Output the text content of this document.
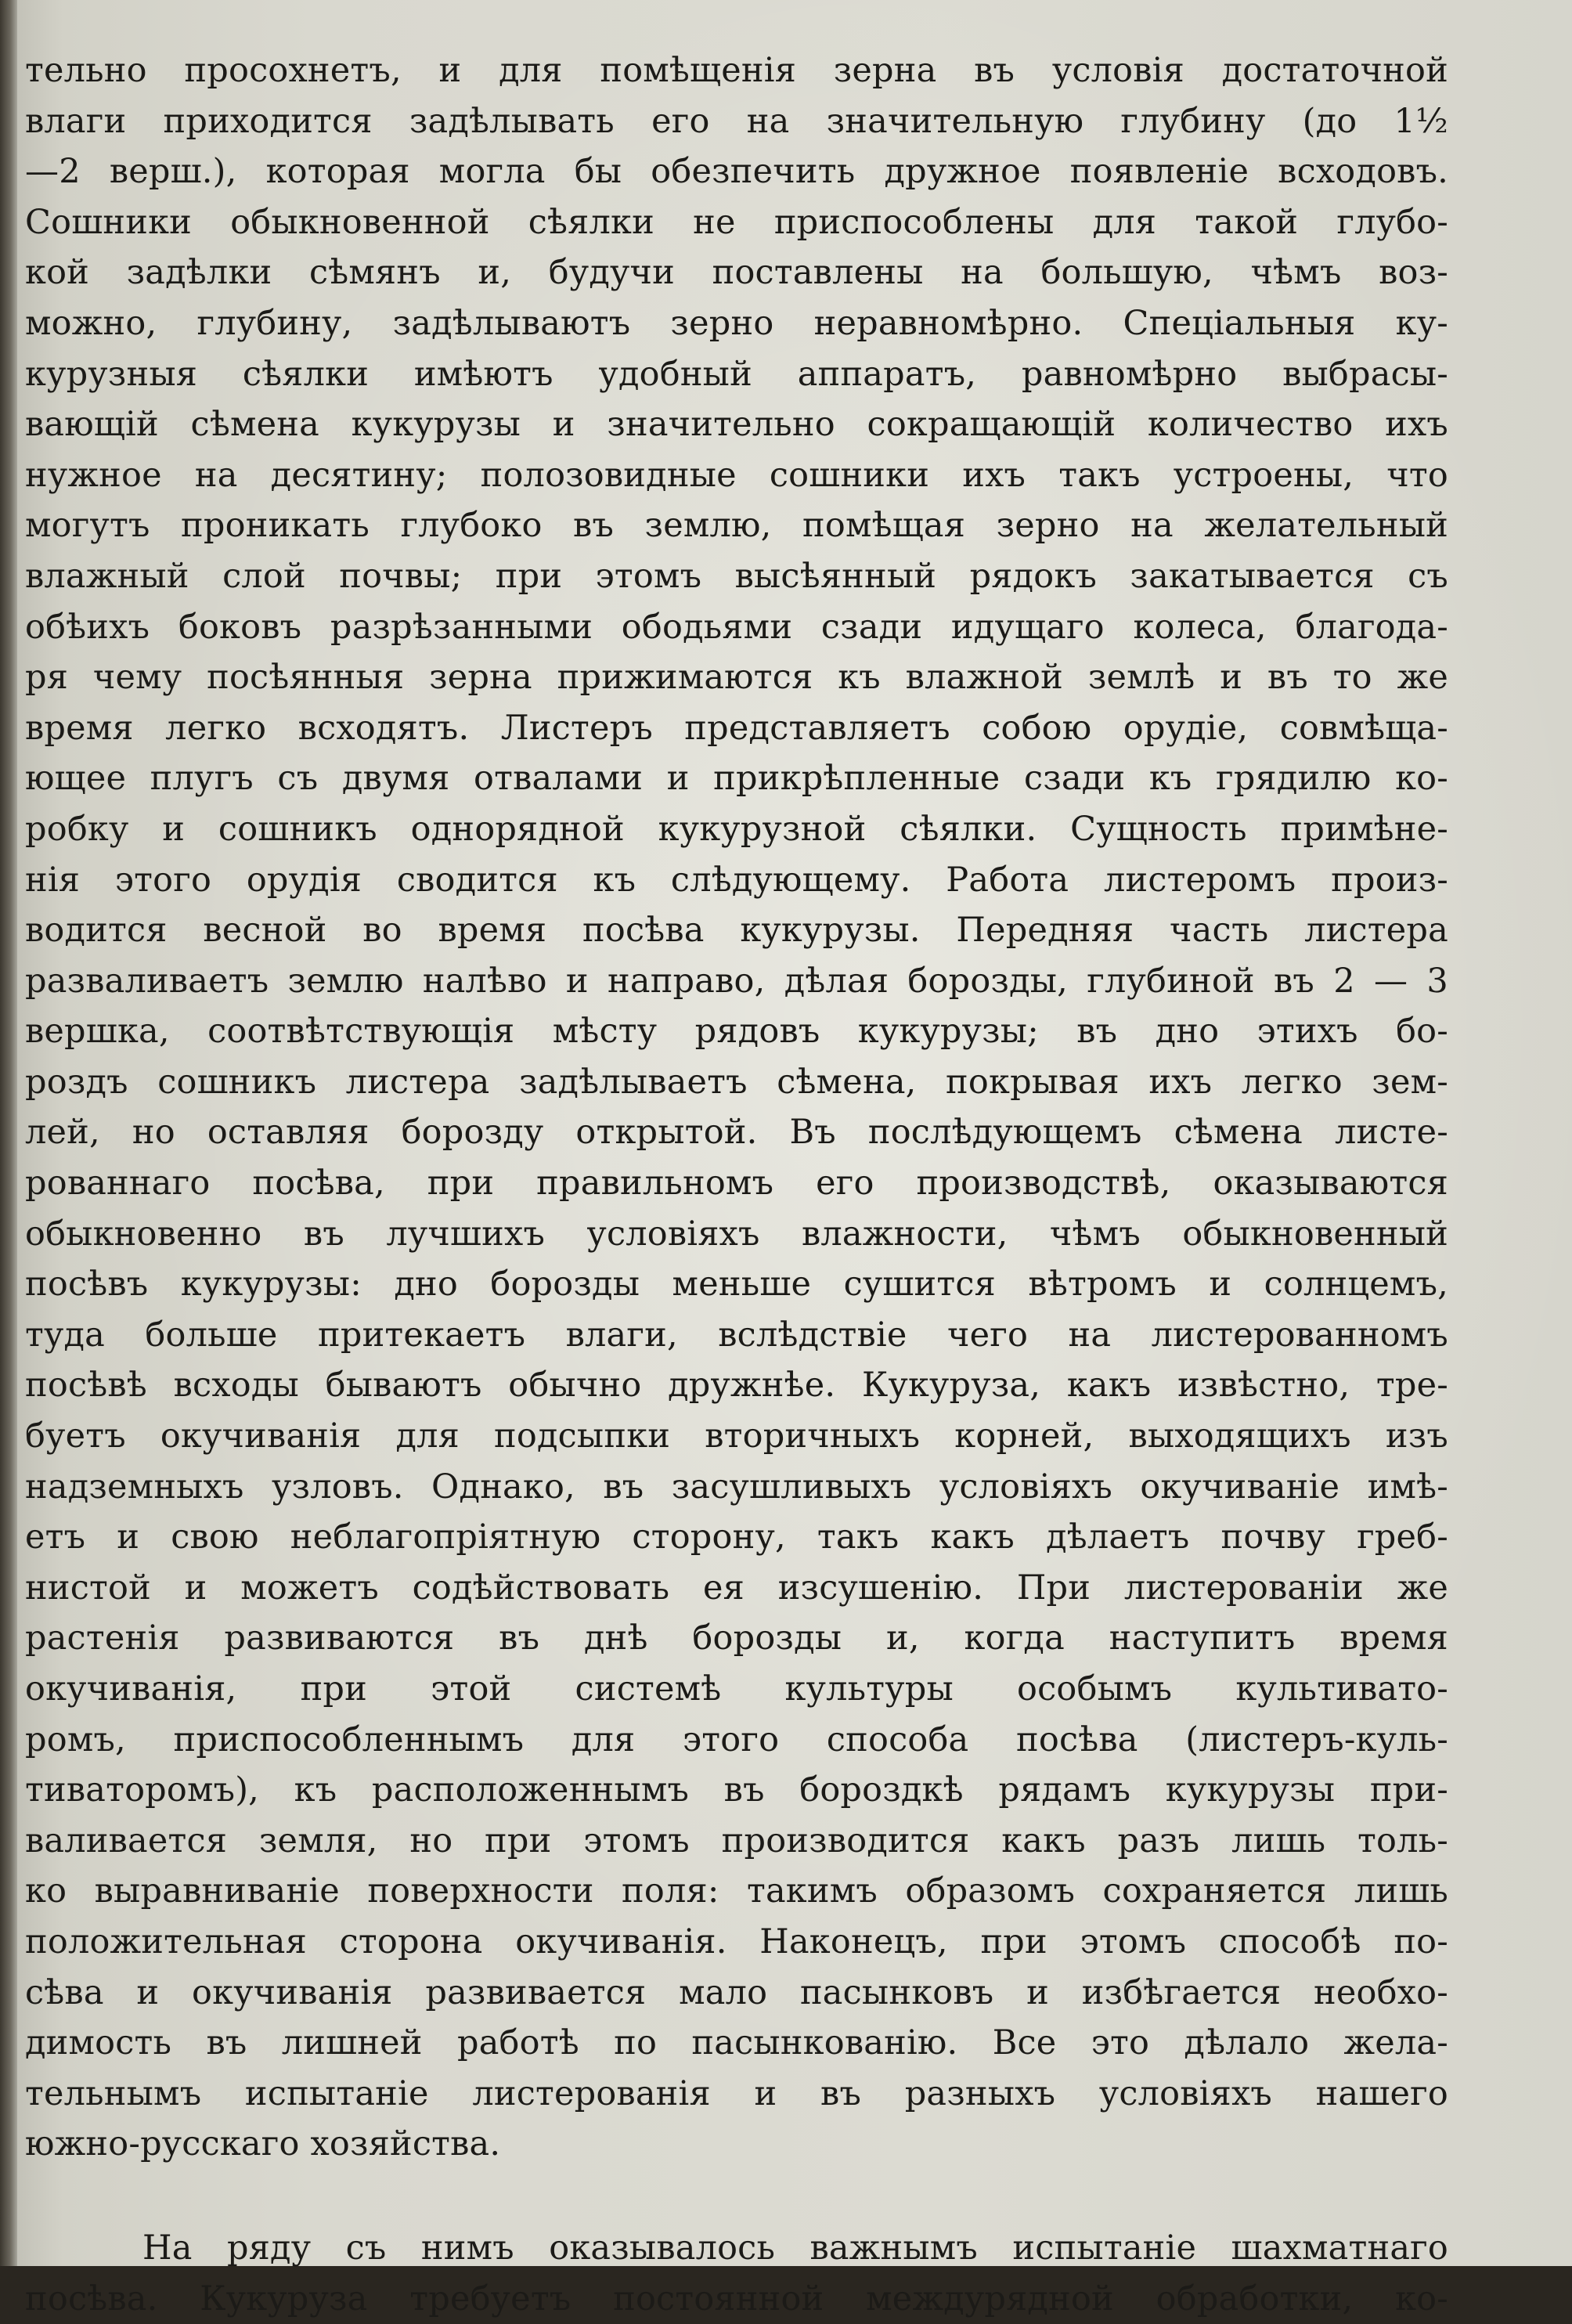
тельно просохнетъ, и для помѣщенія зерна въ условія достаточной
влаги приходится задѣлывать его на значительную глубину (до 1½
—2 верш.), которая могла бы обезпечить дружное появленіе всходовъ.
Сошники обыкновенной сѣялки не приспособлены для такой глубо-
кой задѣлки сѣмянъ и, будучи поставлены на большую, чѣмъ воз-
можно, глубину, задѣлываютъ зерно неравномѣрно. Спеціальныя ку-
курузныя сѣялки имѣютъ удобный аппаратъ, равномѣрно выбрасы-
вающій сѣмена кукурузы и значительно сокращающій количество ихъ
нужное на десятину; полозовидные сошники ихъ такъ устроены, что
могутъ проникать глубоко въ землю, помѣщая зерно на желательный
влажный слой почвы; при этомъ высѣянный рядокъ закатывается съ
обѣихъ боковъ разрѣзанными ободьями сзади идущаго колеса, благода-
ря чему посѣянныя зерна прижимаются къ влажной землѣ и въ то же
время легко всходятъ. Листеръ представляетъ собою орудіе, совмѣща-
ющее плугъ съ двумя отвалами и прикрѣпленные сзади къ грядилю ко-
робку и сошникъ однорядной кукурузной сѣялки. Сущность примѣне-
нія этого орудія сводится къ слѣдующему. Работа листеромъ произ-
водится весной во время посѣва кукурузы. Передняя часть листера
разваливаетъ землю налѣво и направо, дѣлая борозды, глубиной въ 2 — 3
вершка, соотвѣтствующія мѣсту рядовъ кукурузы; въ дно этихъ бо-
роздъ сошникъ листера задѣлываетъ сѣмена, покрывая ихъ легко зем-
лей, но оставляя борозду открытой. Въ послѣдующемъ сѣмена листе-
рованнаго посѣва, при правильномъ его производствѣ, оказываются
обыкновенно въ лучшихъ условіяхъ влажности, чѣмъ обыкновенный
посѣвъ кукурузы: дно борозды меньше сушится вѣтромъ и солнцемъ,
туда больше притекаетъ влаги, вслѣдствіе чего на листерованномъ
посѣвѣ всходы бываютъ обычно дружнѣе. Кукуруза, какъ извѣстно, тре-
буетъ окучиванія для подсыпки вторичныхъ корней, выходящихъ изъ
надземныхъ узловъ. Однако, въ засушливыхъ условіяхъ окучиваніе имѣ-
етъ и свою неблагопріятную сторону, такъ какъ дѣлаетъ почву греб-
нистой и можетъ содѣйствовать ея изсушенію. При листерованіи же
растенія развиваются въ днѣ борозды и, когда наступитъ время
окучиванія, при этой системѣ культуры особымъ культивато-
ромъ, приспособленнымъ для этого способа посѣва (листеръ-куль-
тиваторомъ), къ расположеннымъ въ бороздкѣ рядамъ кукурузы при-
валивается земля, но при этомъ производится какъ разъ лишь толь-
ко выравниваніе поверхности поля: такимъ образомъ сохраняется лишь
положительная сторона окучиванія. Наконецъ, при этомъ способѣ по-
сѣва и окучиванія развивается мало пасынковъ и избѣгается необхо-
димость въ лишней работѣ по пасынкованію. Все это дѣлало жела-
тельнымъ испытаніе листерованія и въ разныхъ условіяхъ нашего
южно-русскаго хозяйства.
На ряду съ нимъ оказывалось важнымъ испытаніе шахматнаго
посѣва. Кукуруза требуетъ постоянной междурядной обработки, ко-
